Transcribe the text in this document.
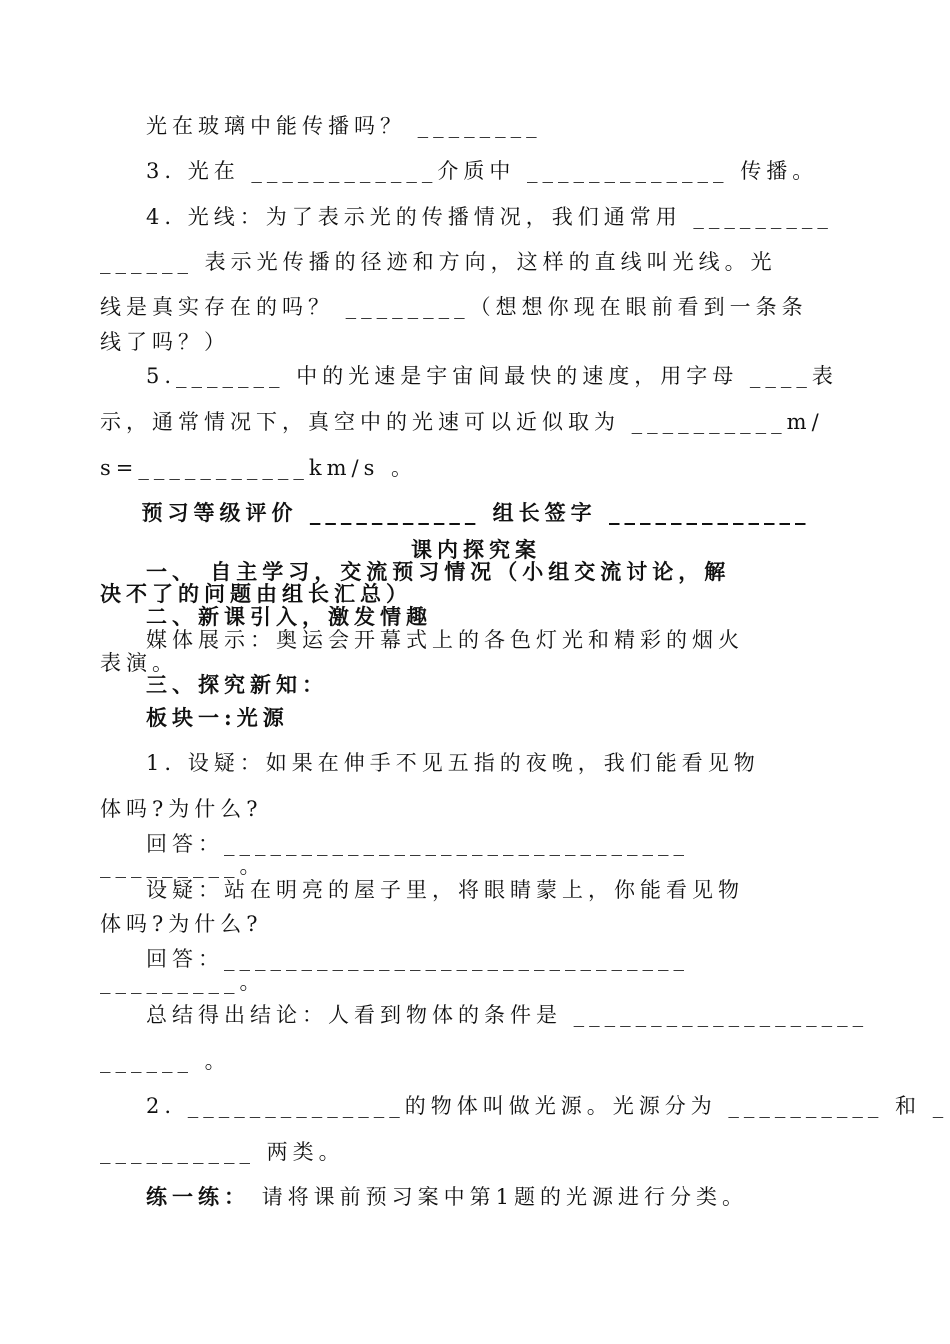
光在玻璃中能传播吗？ ________
3. 光在 ____________介质中 _____________ 传播。
4. 光线：为了表示光的传播情况，我们通常用 _________
______ 表示光传播的径迹和方向，这样的直线叫光线。光
线是真实存在的吗？ ________（想想你现在眼前看到一条条
线了吗？）
5._______ 中的光速是宇宙间最快的速度，用字母 ____表
示，通常情况下，真空中的光速可以近似取为 __________m/
s=___________km/s 。
预习等级评价 ___________ 组长签字 _____________
课内探究案
一、 自主学习，交流预习情况（小组交流讨论，解
决不了的问题由组长汇总）
二、新课引入，激发情趣
媒体展示：奥运会开幕式上的各色灯光和精彩的烟火
表演。
三、探究新知：
板块一:光源
1. 设疑：如果在伸手不见五指的夜晚，我们能看见物
体吗?为什么?
回答：______________________________
_________。
设疑：站在明亮的屋子里，将眼睛蒙上，你能看见物
体吗?为什么?
回答：______________________________
_________。
总结得出结论：人看到物体的条件是 ___________________
______ 。
2. ______________的物体叫做光源。光源分为 __________ 和 _
__________ 两类。
练一练： 请将课前预习案中第1题的光源进行分类。
